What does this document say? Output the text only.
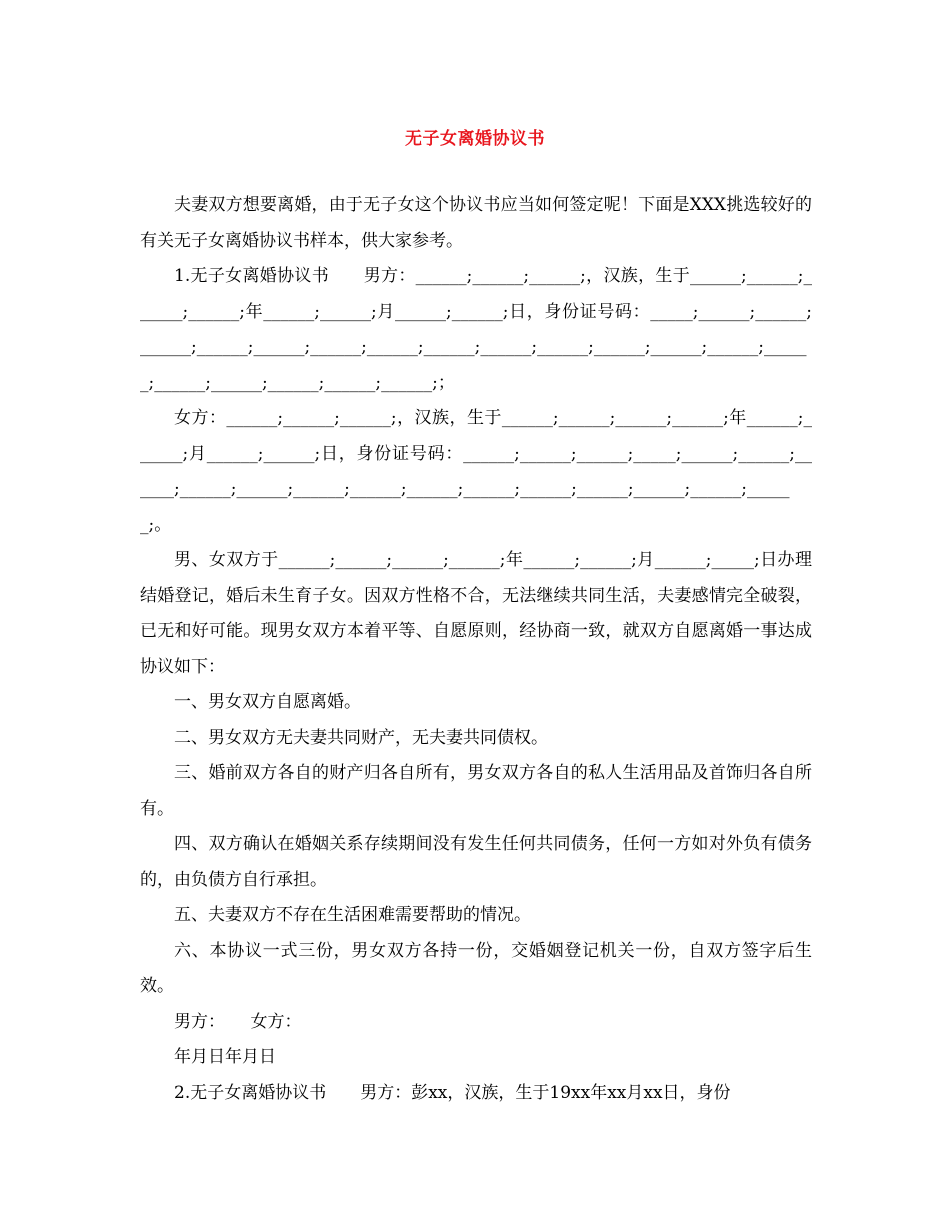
无子女离婚协议书

夫妻双方想要离婚，由于无子女这个协议书应当如何签定呢！下面是XXX挑选较好的有关无子女离婚协议书样本，供大家参考。

1.无子女离婚协议书　　男方：______;______;______;，汉族，生于______;______;______;______;年______;______;月______;______;日，身份证号码：_____;______;______;______;______;______;______;______;______;______;______;______;______;______;______;______;______;______;______;______;；

女方：______;______;______;，汉族，生于______;______;______;______;年______;______;月______;______;日，身份证号码：______;______;______;_____;______;______;______;______;______;______;______;______;______;______;______;______;______;______;。

男、女双方于______;______;______;______;年______;______;月______;_____;日办理结婚登记，婚后未生育子女。因双方性格不合，无法继续共同生活，夫妻感情完全破裂，已无和好可能。现男女双方本着平等、自愿原则，经协商一致，就双方自愿离婚一事达成协议如下：

一、男女双方自愿离婚。

二、男女双方无夫妻共同财产，无夫妻共同债权。

三、婚前双方各自的财产归各自所有，男女双方各自的私人生活用品及首饰归各自所有。

四、双方确认在婚姻关系存续期间没有发生任何共同债务，任何一方如对外负有债务的，由负债方自行承担。

五、夫妻双方不存在生活困难需要帮助的情况。

六、本协议一式三份，男女双方各持一份，交婚姻登记机关一份，自双方签字后生效。

男方：　　女方：

年月日年月日

2.无子女离婚协议书　　男方：彭xx，汉族，生于19xx年xx月xx日，身份
